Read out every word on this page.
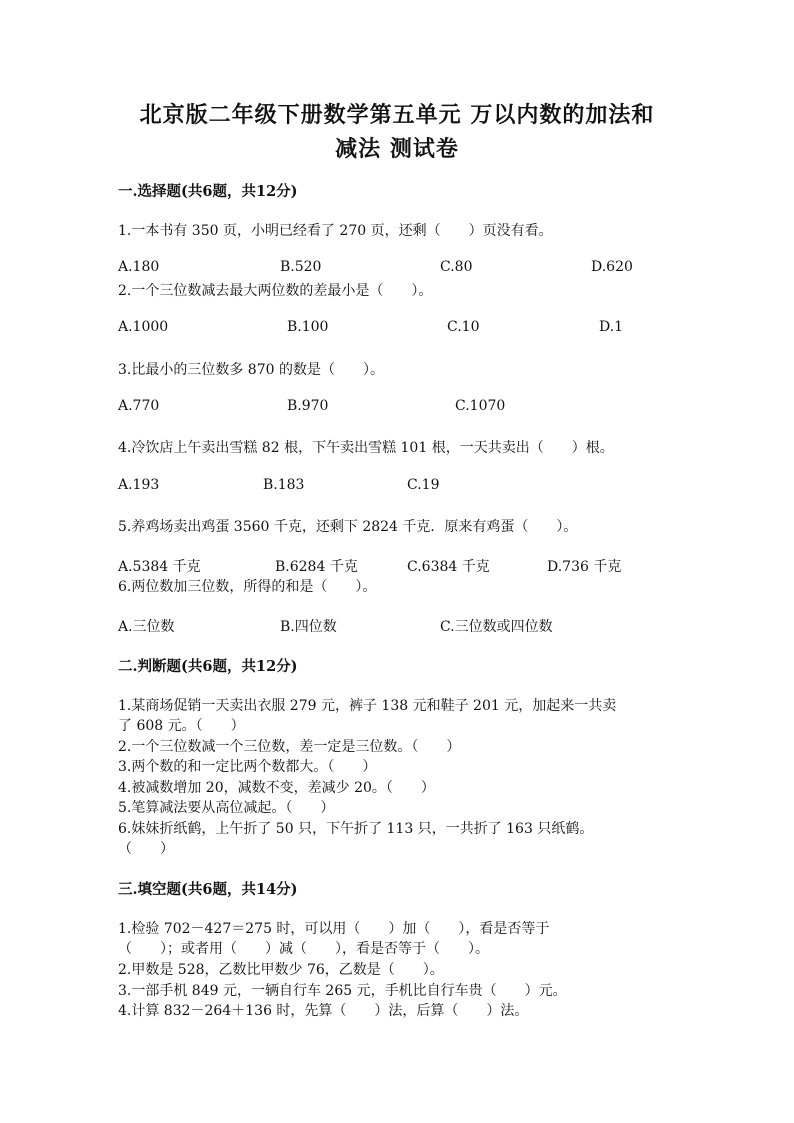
北京版二年级下册数学第五单元 万以内数的加法和
减法 测试卷
一.选择题(共6题，共12分)
1.一本书有 350 页，小明已经看了 270 页，还剩（　　）页没有看。
A.180	B.520	C.80	D.620
2.一个三位数减去最大两位数的差最小是（　　）。
A.1000	B.100	C.10	D.1
3.比最小的三位数多 870 的数是（　　）。
A.770	B.970	C.1070
4.冷饮店上午卖出雪糕 82 根，下午卖出雪糕 101 根，一天共卖出（　　）根。
A.193	B.183	C.19
5.养鸡场卖出鸡蛋 3560 千克，还剩下 2824 千克．原来有鸡蛋（　　）。
A.5384 千克	B.6284 千克	C.6384 千克	D.736 千克
6.两位数加三位数，所得的和是（　　）。
A.三位数	B.四位数	C.三位数或四位数
二.判断题(共6题，共12分)
1.某商场促销一天卖出衣服 279 元，裤子 138 元和鞋子 201 元，加起来一共卖
了 608 元。（　　）
2.一个三位数减一个三位数，差一定是三位数。（　　）
3.两个数的和一定比两个数都大。（　　）
4.被减数增加 20，减数不变，差减少 20。（　　）
5.笔算减法要从高位减起。（　　）
6.妹妹折纸鹤，上午折了 50 只，下午折了 113 只，一共折了 163 只纸鹤。
（　　）
三.填空题(共6题，共14分)
1.检验 702－427＝275 时，可以用（　　）加（　　），看是否等于
（　　）；或者用（　　）减（　　），看是否等于（　　）。
2.甲数是 528，乙数比甲数少 76，乙数是（　　）。
3.一部手机 849 元，一辆自行车 265 元，手机比自行车贵（　　）元。
4.计算 832－264＋136 时，先算（　　）法，后算（　　）法。
